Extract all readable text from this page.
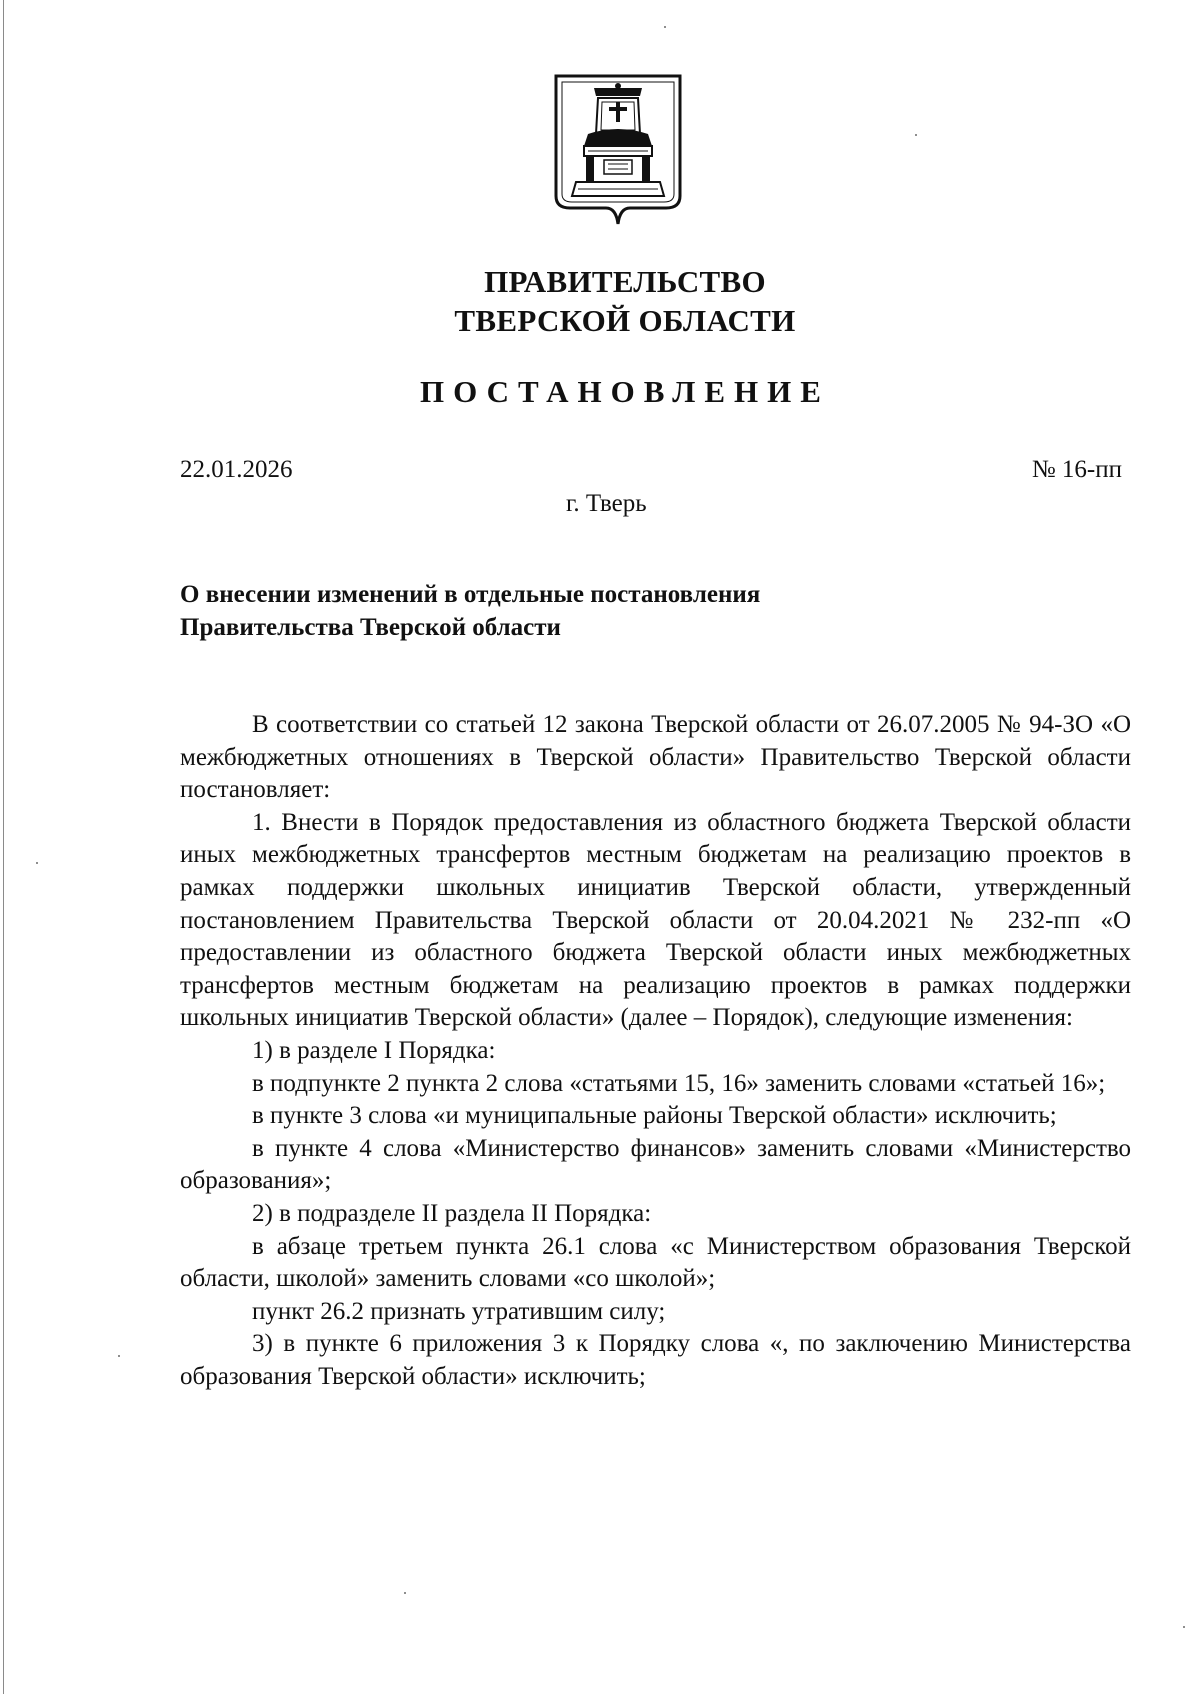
ПРАВИТЕЛЬСТВО
ТВЕРСКОЙ ОБЛАСТИ
ПОСТАНОВЛЕНИЕ
22.01.2026	№ 16-пп
г. Тверь
О внесении изменений в отдельные постановления
Правительства Тверской области

В соответствии со статьей 12 закона Тверской области от 26.07.2005 № 94-ЗО «О межбюджетных отношениях в Тверской области» Правительство Тверской области постановляет:

1. Внести в Порядок предоставления из областного бюджета Тверской области иных межбюджетных трансфертов местным бюджетам на реализацию проектов в рамках поддержки школьных инициатив Тверской области, утвержденный постановлением Правительства Тверской области от 20.04.2021 № 232-пп «О предоставлении из областного бюджета Тверской области иных межбюджетных трансфертов местным бюджетам на реализацию проектов в рамках поддержки школьных инициатив Тверской области» (далее – Порядок), следующие изменения:

1) в разделе I Порядка:

в подпункте 2 пункта 2 слова «статьями 15, 16» заменить словами «статьей 16»;

в пункте 3 слова «и муниципальные районы Тверской области» исключить;

в пункте 4 слова «Министерство финансов» заменить словами «Министерство образования»;

2) в подразделе II раздела II Порядка:

в абзаце третьем пункта 26.1 слова «с Министерством образования Тверской области, школой» заменить словами «со школой»;

пункт 26.2 признать утратившим силу;

3) в пункте 6 приложения 3 к Порядку слова «, по заключению Министерства образования Тверской области» исключить;
